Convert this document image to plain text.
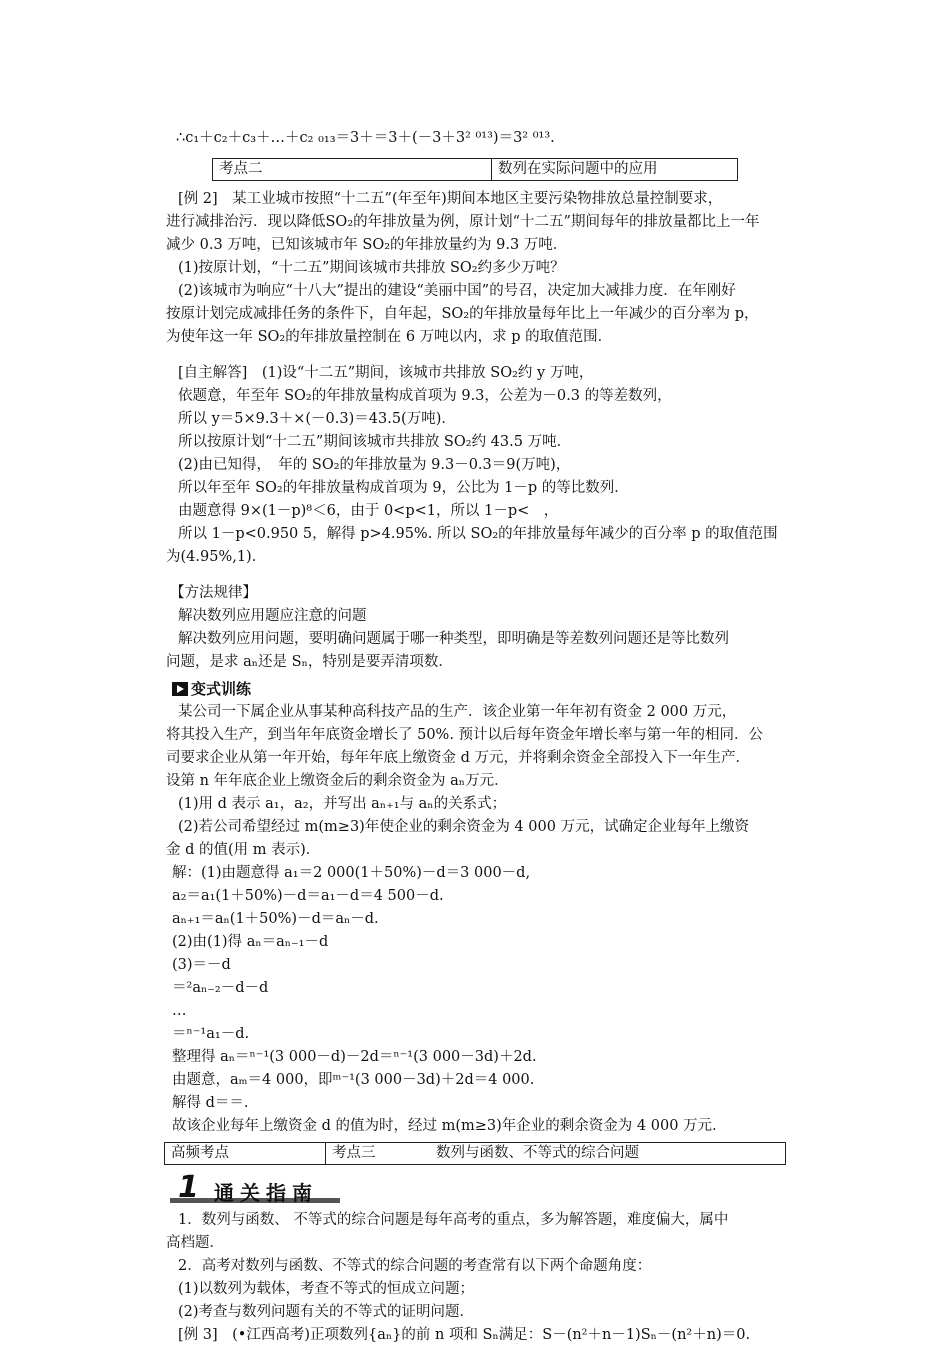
∴c₁＋c₂＋c₃＋…＋c₂ ₀₁₃＝3＋＝3＋(－3＋3² ⁰¹³)＝3² ⁰¹³.
考点二	数列在实际问题中的应用
[例 2]　某工业城市按照“十二五”(年至年)期间本地区主要污染物排放总量控制要求，
进行减排治污．现以降低SO₂的年排放量为例，原计划“十二五”期间每年的排放量都比上一年
减少 0.3 万吨，已知该城市年 SO₂的年排放量约为 9.3 万吨．
(1)按原计划，“十二五”期间该城市共排放 SO₂约多少万吨？
(2)该城市为响应“十八大”提出的建设“美丽中国”的号召，决定加大减排力度．在年刚好
按原计划完成减排任务的条件下，自年起，SO₂的年排放量每年比上一年减少的百分率为 p，
为使年这一年 SO₂的年排放量控制在 6 万吨以内，求 p 的取值范围．
[自主解答]　(1)设“十二五”期间，该城市共排放 SO₂约 y 万吨，
依题意，年至年 SO₂的年排放量构成首项为 9.3，公差为－0.3 的等差数列，
所以 y＝5×9.3＋×(－0.3)＝43.5(万吨)．
所以按原计划“十二五”期间该城市共排放 SO₂约 43.5 万吨．
(2)由已知得，　年的 SO₂的年排放量为 9.3－0.3＝9(万吨)，
所以年至年 SO₂的年排放量构成首项为 9，公比为 1－p 的等比数列．
由题意得 9×(1－p)⁸＜6，由于 0<p<1，所以 1－p<　，
所以 1－p<0.950 5，解得 p>4.95%. 所以 SO₂的年排放量每年减少的百分率 p 的取值范围
为(4.95%,1)．
【方法规律】
解决数列应用题应注意的问题
解决数列应用问题，要明确问题属于哪一种类型，即明确是等差数列问题还是等比数列
问题，是求 aₙ还是 Sₙ，特别是要弄清项数．
变式训练
某公司一下属企业从事某种高科技产品的生产．该企业第一年年初有资金 2 000 万元，
将其投入生产，到当年年底资金增长了 50%. 预计以后每年资金年增长率与第一年的相同．公
司要求企业从第一年开始，每年年底上缴资金 d 万元，并将剩余资金全部投入下一年生产．
设第 n 年年底企业上缴资金后的剩余资金为 aₙ万元．
(1)用 d 表示 a₁，a₂，并写出 aₙ₊₁与 aₙ的关系式；
(2)若公司希望经过 m(m≥3)年使企业的剩余资金为 4 000 万元，试确定企业每年上缴资
金 d 的值(用 m 表示)．
解：(1)由题意得 a₁＝2 000(1＋50%)－d＝3 000－d,
a₂＝a₁(1＋50%)－d＝a₁－d＝4 500－d.
aₙ₊₁＝aₙ(1＋50%)－d＝aₙ－d.
(2)由(1)得 aₙ＝aₙ₋₁－d
(3)＝－d
＝²aₙ₋₂－d－d
…
＝ⁿ⁻¹a₁－d.
整理得 aₙ＝ⁿ⁻¹(3 000－d)－2d＝ⁿ⁻¹(3 000－3d)＋2d.
由题意，aₘ＝4 000，即ᵐ⁻¹(3 000－3d)＋2d＝4 000.
解得 d＝＝.
故该企业每年上缴资金 d 的值为时，经过 m(m≥3)年企业的剩余资金为 4 000 万元.
高频考点	考点三	数列与函数、不等式的综合问题
1 通关指南
1．数列与函数、 不等式的综合问题是每年高考的重点，多为解答题，难度偏大，属中
高档题．
2．高考对数列与函数、不等式的综合问题的考查常有以下两个命题角度：
(1)以数列为载体，考查不等式的恒成立问题；
(2)考查与数列问题有关的不等式的证明问题．
[例 3]　(•江西高考)正项数列{aₙ}的前 n 项和 Sₙ满足：S－(n²＋n－1)Sₙ－(n²＋n)＝0.
